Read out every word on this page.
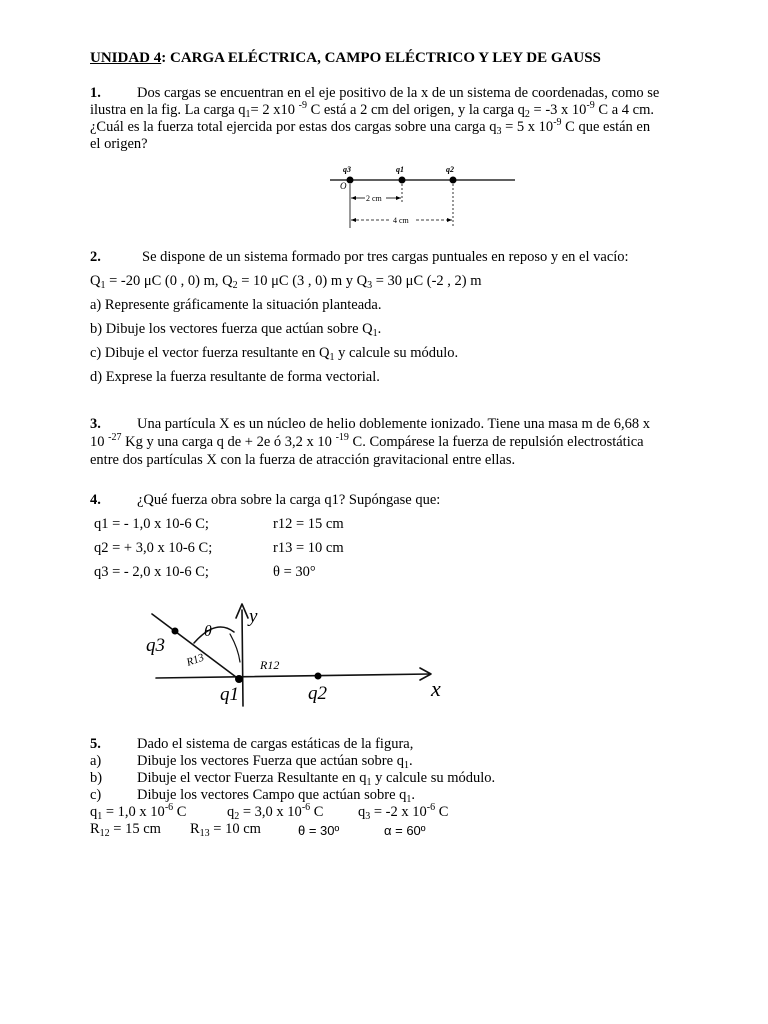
UNIDAD 4: CARGA ELÉCTRICA, CAMPO ELÉCTRICO Y LEY DE GAUSS
1. Dos cargas se encuentran en el eje positivo de la x de un sistema de coordenadas, como se
ilustra en la fig. La carga $q_1= 2$ x10 $^{-9}$ C está a 2 cm del origen, y la carga $q_2 = -3$ x $10^{-9}$ C a 4 cm.
¿Cuál es la fuerza total ejercida por estas dos cargas sobre una carga $q_3 = 5$ x $10^{-9}$ C que están en
el origen?
q3	q1	q2
O
2 cm
4 cm
2.	Se dispone de un sistema formado por tres cargas puntuales en reposo y en el vacío:
$Q_1 = -20$ μC (0 , 0) m, $Q_2 = 10$ μC (3 , 0) m y $Q_3 = 30$ μC (-2 , 2) m
a) Represente gráficamente la situación planteada.
b) Dibuje los vectores fuerza que actúan sobre $Q_1$.
c) Dibuje el vector fuerza resultante en $Q_1$ y calcule su módulo.
d) Exprese la fuerza resultante de forma vectorial.
3. Una partícula X es un núcleo de helio doblemente ionizado. Tiene una masa m de 6,68 x
10 $^{-27}$ Kg y una carga q de + 2e ó 3,2 x 10 $^{-19}$ C. Compárese la fuerza de repulsión electrostática
entre dos partículas X con la fuerza de atracción gravitacional entre ellas.
4. ¿Qué fuerza obra sobre la carga q1? Supóngase que:
q1 = - 1,0 x 10-6 C;	r12 = 15 cm
q2 = + 3,0 x 10-6 C;	r13 = 10 cm
q3 = - 2,0 x 10-6 C;	θ = 30°
q3
R13
θ
y
R12
q1	q2	x
5. Dado el sistema de cargas estáticas de la figura,
a) Dibuje los vectores Fuerza que actúan sobre $q_1$.
b) Dibuje el vector Fuerza Resultante en $q_1$ y calcule su módulo.
c) Dibuje los vectores Campo que actúan sobre $q_1$.
$q_1 = 1,0$ x $10^{-6}$ C	$q_2 = 3,0$ x $10^{-6}$ C $q_3 = -2$ x $10^{-6}$ C
$R_{12} = 15$ cm $R_{13} = 10$ cm	θ = 30º	α = 60º
